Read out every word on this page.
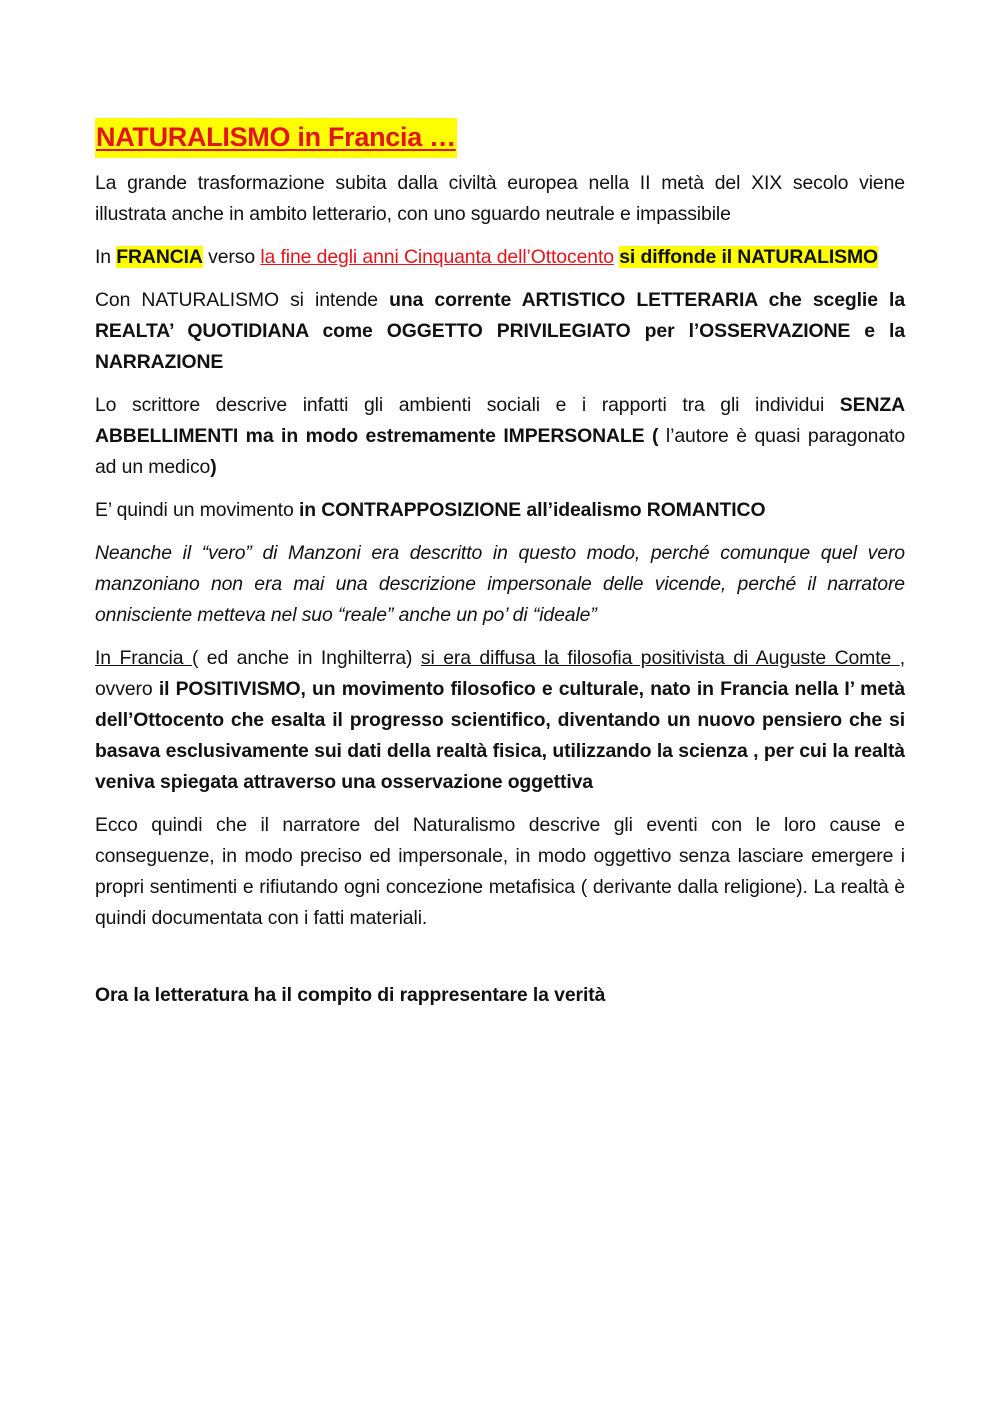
NATURALISMO in Francia …

La grande trasformazione subita dalla civiltà europea nella II metà del XIX secolo viene illustrata anche in ambito letterario, con uno sguardo neutrale e impassibile

In FRANCIA verso la fine degli anni Cinquanta dell’Ottocento si diffonde il NATURALISMO

Con NATURALISMO si intende una corrente ARTISTICO LETTERARIA che sceglie la REALTA’ QUOTIDIANA come OGGETTO PRIVILEGIATO per l’OSSERVAZIONE e la NARRAZIONE

Lo scrittore descrive infatti gli ambienti sociali e i rapporti tra gli individui SENZA ABBELLIMENTI ma in modo estremamente IMPERSONALE ( l’autore è quasi paragonato ad un medico)

E’ quindi un movimento in CONTRAPPOSIZIONE all’idealismo ROMANTICO

Neanche il “vero” di Manzoni era descritto in questo modo, perché comunque quel vero manzoniano non era mai una descrizione impersonale delle vicende, perché il narratore onnisciente metteva nel suo “reale” anche un po’ di “ideale”

In Francia ( ed anche in Inghilterra) si era diffusa la filosofia positivista di Auguste Comte , ovvero il POSITIVISMO, un movimento filosofico e culturale, nato in Francia nella I’ metà dell’Ottocento che esalta il progresso scientifico, diventando un nuovo pensiero che si basava esclusivamente sui dati della realtà fisica, utilizzando la scienza , per cui la realtà veniva spiegata attraverso una osservazione oggettiva

Ecco quindi che il narratore del Naturalismo descrive gli eventi con le loro cause e conseguenze, in modo preciso ed impersonale, in modo oggettivo senza lasciare emergere i propri sentimenti e rifiutando ogni concezione metafisica ( derivante dalla religione). La realtà è quindi documentata con i fatti materiali.

Ora la letteratura ha il compito di rappresentare la verità
